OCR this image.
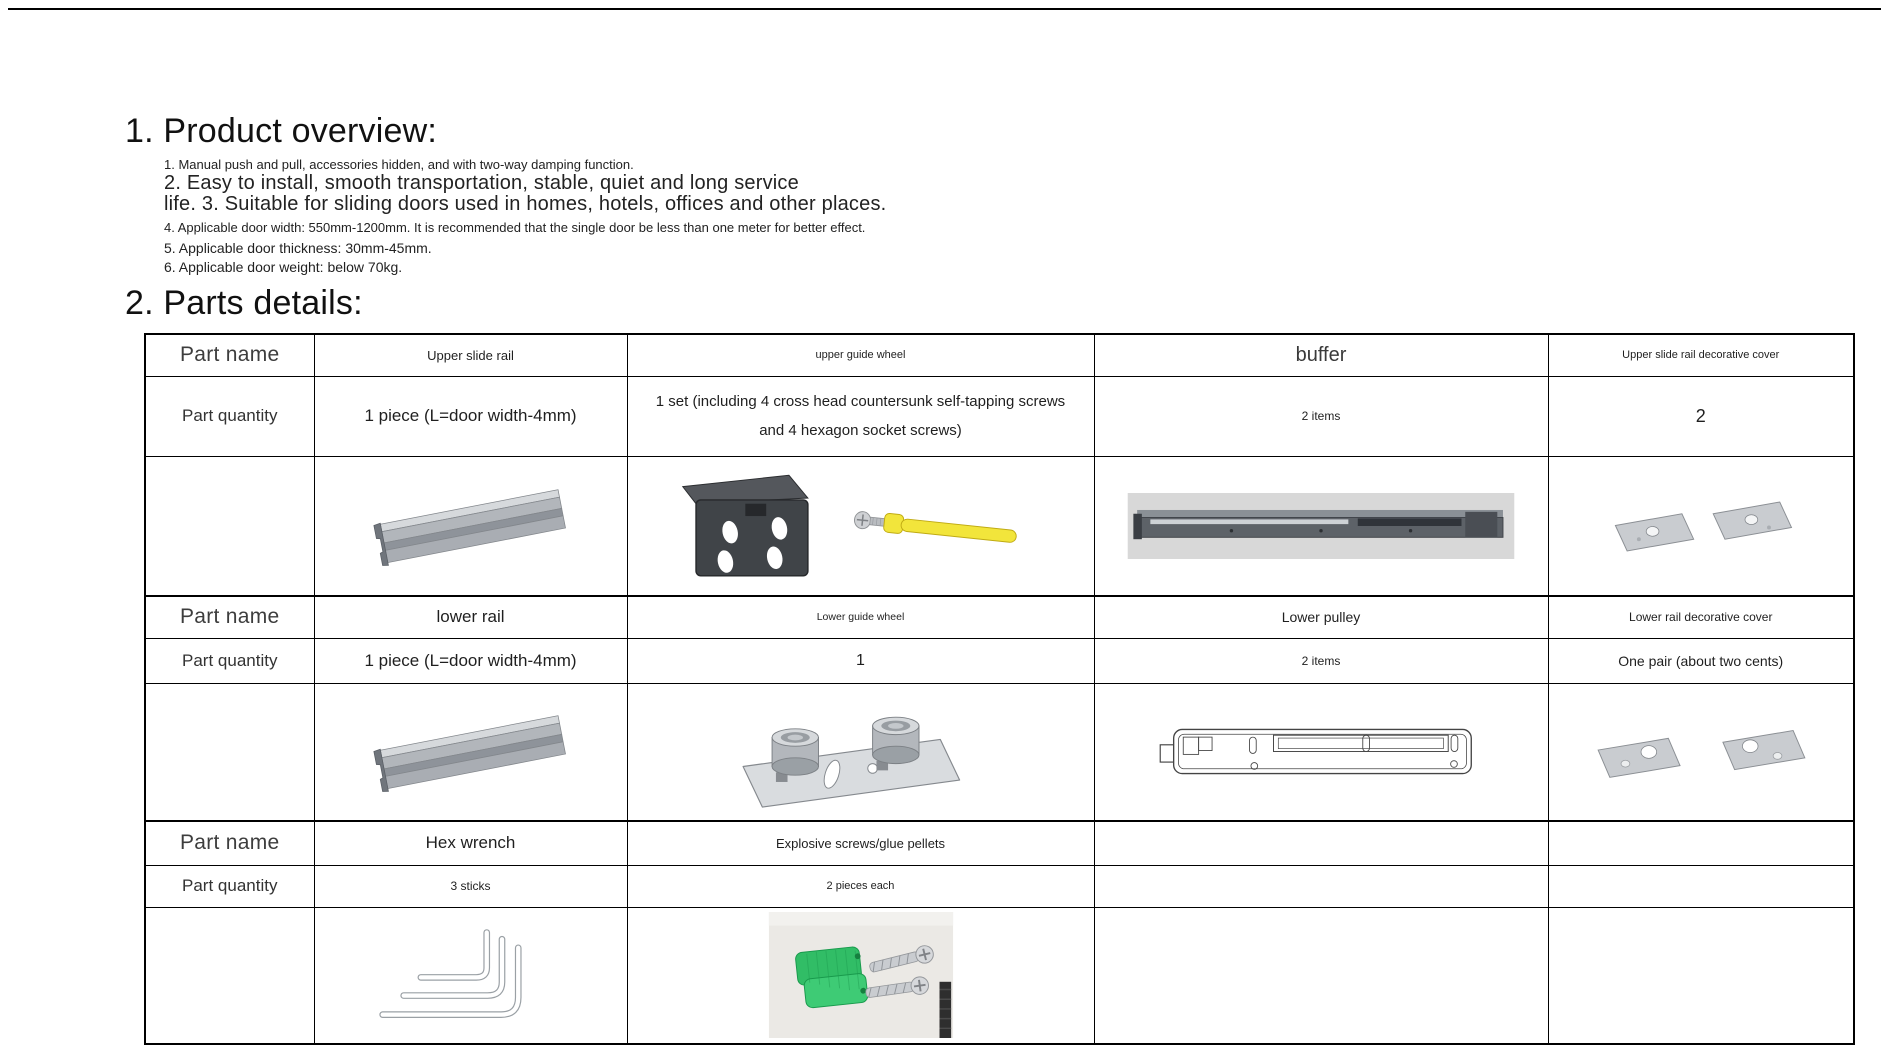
1. Product overview:
1. Manual push and pull, accessories hidden, and with two-way damping function.
2. Easy to install, smooth transportation, stable, quiet and long service
life. 3. Suitable for sliding doors used in homes, hotels, offices and other places.
4. Applicable door width: 550mm-1200mm. It is recommended that the single door be less than one meter for better effect.
5. Applicable door thickness: 30mm-45mm.
6. Applicable door weight: below 70kg.
2. Parts details:
Part name	Upper slide rail	upper guide wheel	buffer	Upper slide rail decorative cover
Part quantity	1 piece (L=door width-4mm)	1 set (including 4 cross head countersunk self-tapping screws
and 4 hexagon socket screws)	2 items	2

Part name	lower rail	Lower guide wheel	Lower pulley	Lower rail decorative cover
Part quantity	1 piece (L=door width-4mm)	1	2 items	One pair (about two cents)

Part name	Hex wrench	Explosive screws/glue pellets		
Part quantity	3 sticks	2 pieces each		
